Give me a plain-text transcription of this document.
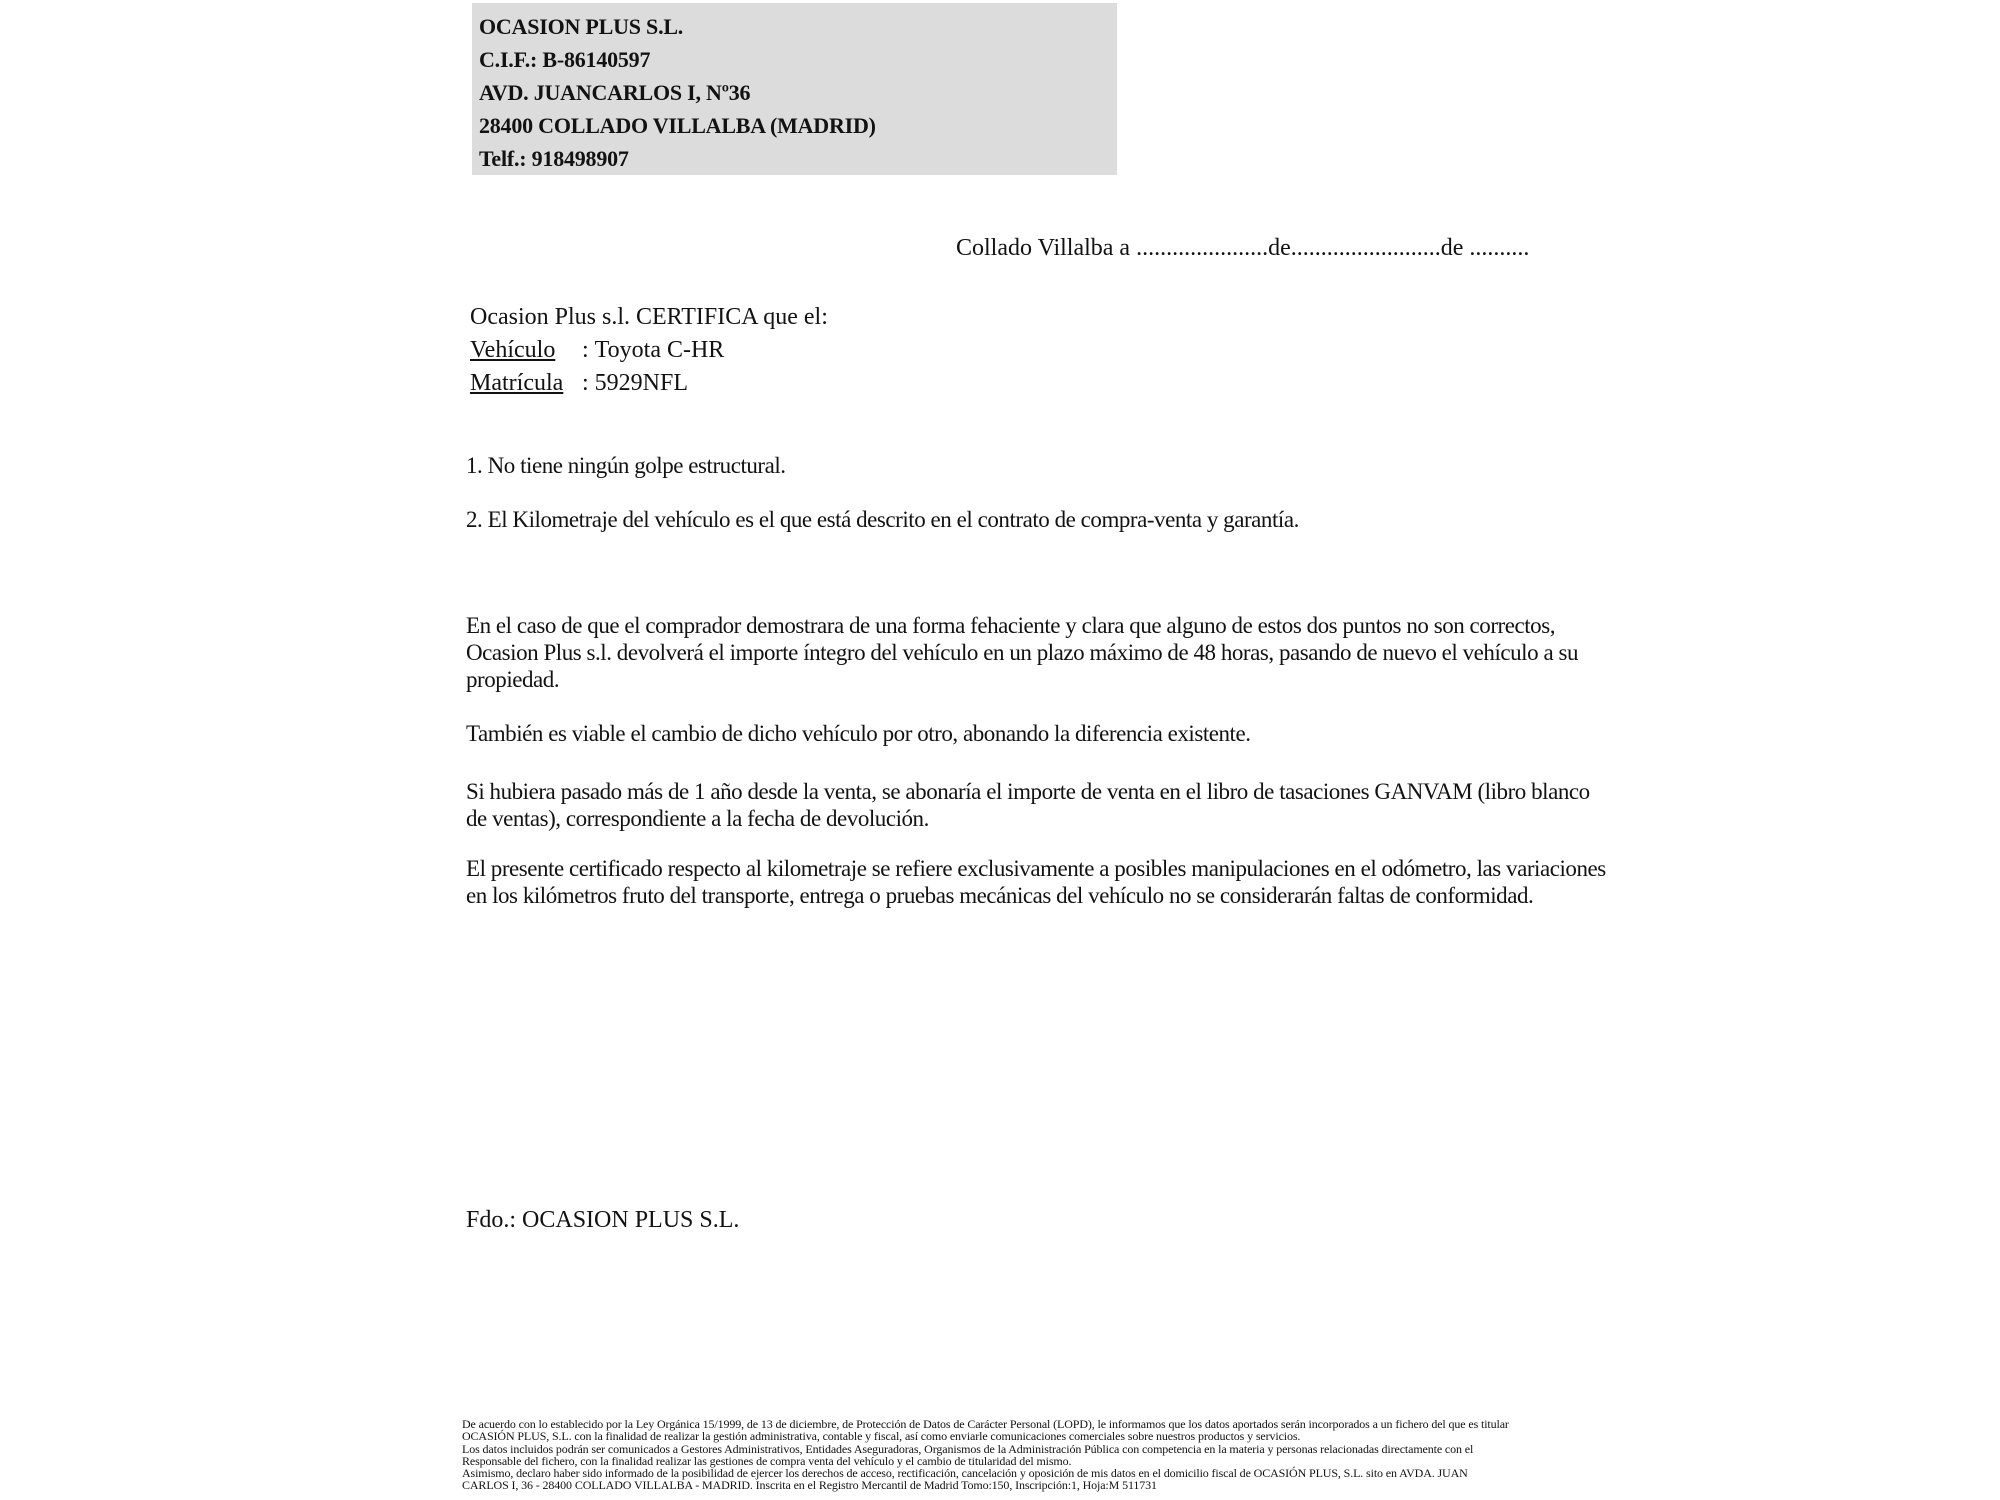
OCASION PLUS S.L.
C.I.F.: B-86140597
AVD. JUANCARLOS I, Nº36
28400 COLLADO VILLALBA (MADRID)
Telf.: 918498907
Collado Villalba a ......................de.........................de ..........
Ocasion Plus s.l. CERTIFICA que el:
Vehículo : Toyota C-HR
Matrícula : 5929NFL
1. No tiene ningún golpe estructural.
2. El Kilometraje del vehículo es el que está descrito en el contrato de compra-venta y garantía.
En el caso de que el comprador demostrara de una forma fehaciente y clara que alguno de estos dos puntos no son correctos, Ocasion Plus s.l. devolverá el importe íntegro del vehículo en un plazo máximo de 48 horas, pasando de nuevo el vehículo a su propiedad.
También es viable el cambio de dicho vehículo por otro, abonando la diferencia existente.
Si hubiera pasado más de 1 año desde la venta, se abonaría el importe de venta en el libro de tasaciones GANVAM (libro blanco de ventas), correspondiente a la fecha de devolución.
El presente certificado respecto al kilometraje se refiere exclusivamente a posibles manipulaciones en el odómetro, las variaciones en los kilómetros fruto del transporte, entrega o pruebas mecánicas del vehículo no se considerarán faltas de conformidad.
Fdo.: OCASION PLUS S.L.
De acuerdo con lo establecido por la Ley Orgánica 15/1999, de 13 de diciembre, de Protección de Datos de Carácter Personal (LOPD), le informamos que los datos aportados serán incorporados a un fichero del que es titular
OCASIÓN PLUS, S.L. con la finalidad de realizar la gestión administrativa, contable y fiscal, así como enviarle comunicaciones comerciales sobre nuestros productos y servicios.
Los datos incluidos podrán ser comunicados a Gestores Administrativos, Entidades Aseguradoras, Organismos de la Administración Pública con competencia en la materia y personas relacionadas directamente con el
Responsable del fichero, con la finalidad realizar las gestiones de compra venta del vehículo y el cambio de titularidad del mismo.
Asimismo, declaro haber sido informado de la posibilidad de ejercer los derechos de acceso, rectificación, cancelación y oposición de mis datos en el domicilio fiscal de OCASIÓN PLUS, S.L. sito en AVDA. JUAN
CARLOS I, 36 - 28400 COLLADO VILLALBA - MADRID. Inscrita en el Registro Mercantil de Madrid Tomo:150, Inscripción:1, Hoja:M 511731
